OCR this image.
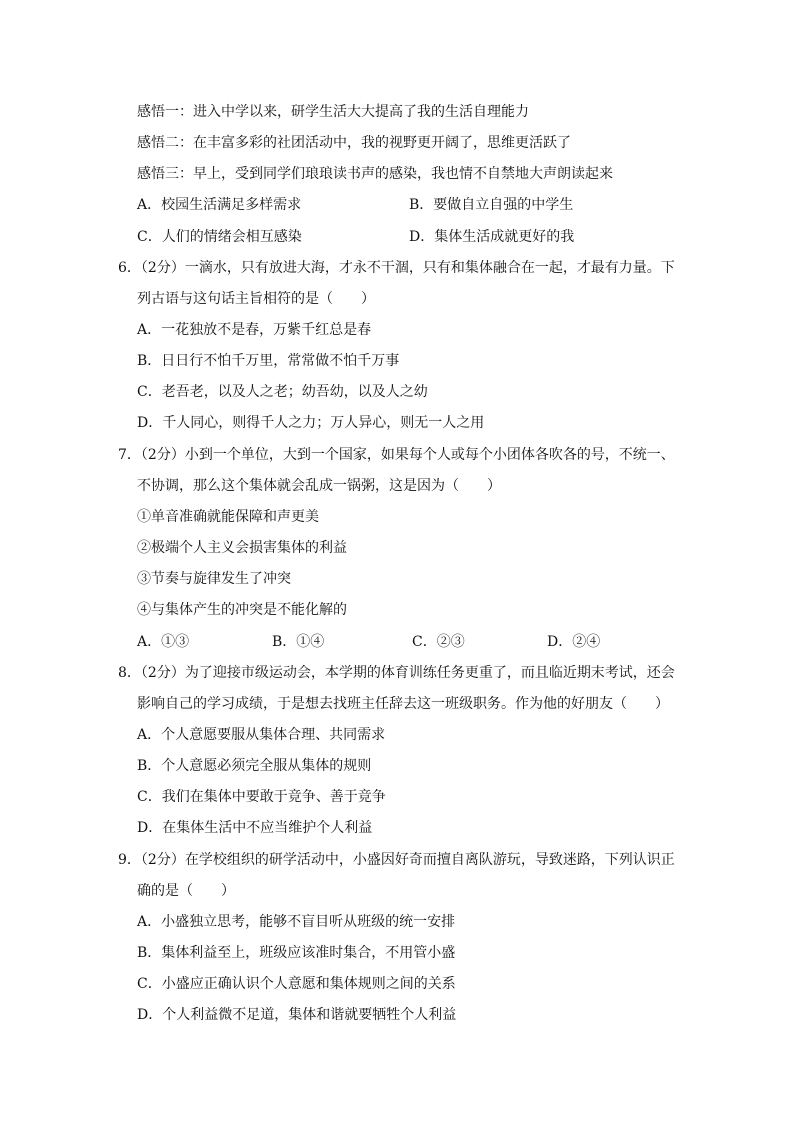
感悟一：进入中学以来，研学生活大大提高了我的生活自理能力
感悟二：在丰富多彩的社团活动中，我的视野更开阔了，思维更活跃了
感悟三：早上，受到同学们琅琅读书声的感染，我也情不自禁地大声朗读起来
A．校园生活满足多样需求	B．要做自立自强的中学生
C．人们的情绪会相互感染	D．集体生活成就更好的我
6．（2分）一滴水，只有放进大海，才永不干涸，只有和集体融合在一起，才最有力量。下
列古语与这句话主旨相符的是（　　）
A．一花独放不是春，万紫千红总是春
B．日日行不怕千万里，常常做不怕千万事
C．老吾老，以及人之老；幼吾幼，以及人之幼
D．千人同心，则得千人之力；万人异心，则无一人之用
7．（2分）小到一个单位，大到一个国家，如果每个人或每个小团体各吹各的号，不统一、
不协调，那么这个集体就会乱成一锅粥，这是因为（　　）
①单音准确就能保障和声更美
②极端个人主义会损害集体的利益
③节奏与旋律发生了冲突
④与集体产生的冲突是不能化解的
A．①③	B．①④	C．②③	D．②④
8．（2分）为了迎接市级运动会，本学期的体育训练任务更重了，而且临近期末考试，还会
影响自己的学习成绩，于是想去找班主任辞去这一班级职务。作为他的好朋友（　　）
A．个人意愿要服从集体合理、共同需求
B．个人意愿必须完全服从集体的规则
C．我们在集体中要敢于竞争、善于竞争
D．在集体生活中不应当维护个人利益
9．（2分）在学校组织的研学活动中，小盛因好奇而擅自离队游玩，导致迷路，下列认识正
确的是（　　）
A．小盛独立思考，能够不盲目听从班级的统一安排
B．集体利益至上，班级应该准时集合，不用管小盛
C．小盛应正确认识个人意愿和集体规则之间的关系
D．个人利益微不足道，集体和谐就要牺牲个人利益
